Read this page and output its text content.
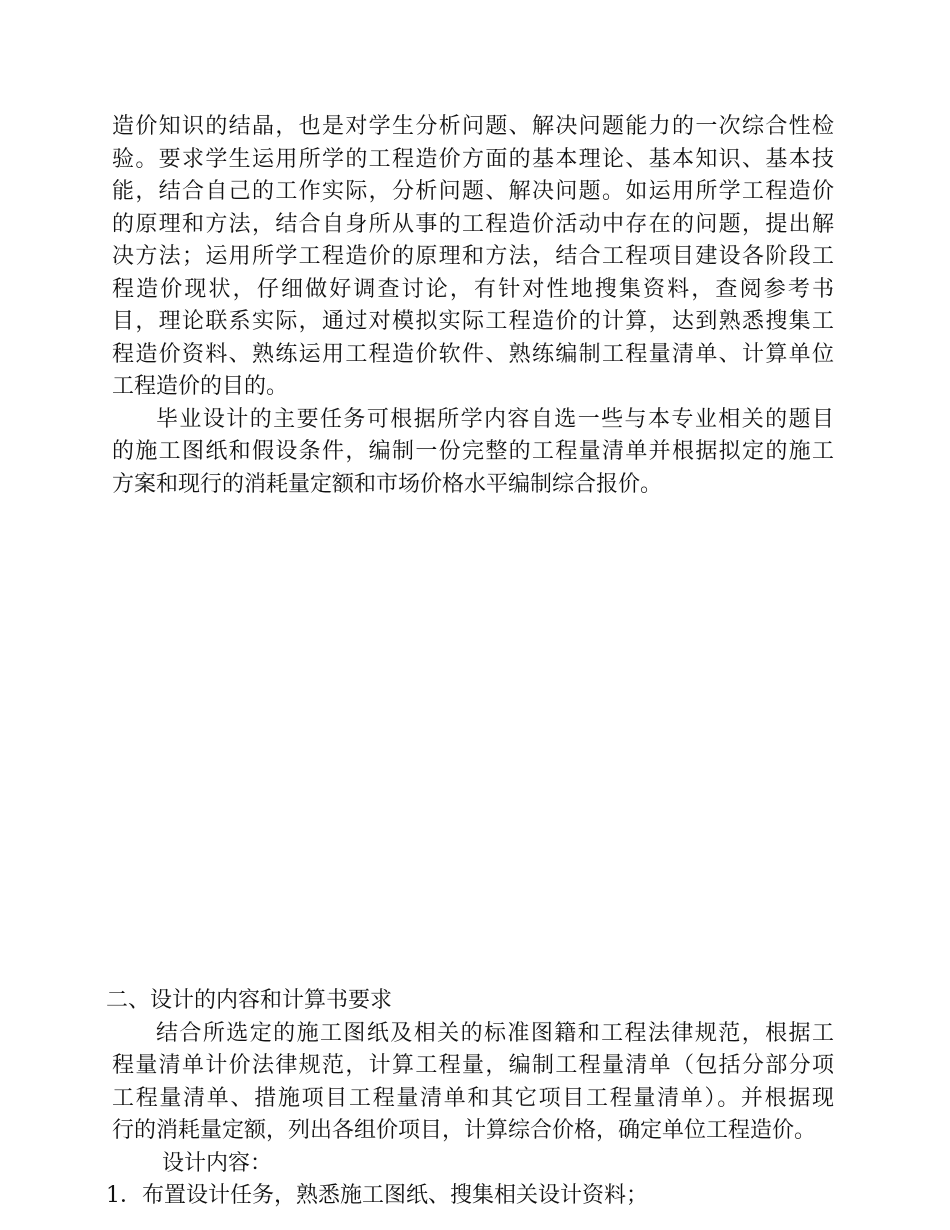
造价知识的结晶，也是对学生分析问题、解决问题能力的一次综合性检
验。要求学生运用所学的工程造价方面的基本理论、基本知识、基本技
能，结合自己的工作实际，分析问题、解决问题。如运用所学工程造价
的原理和方法，结合自身所从事的工程造价活动中存在的问题，提出解
决方法；运用所学工程造价的原理和方法，结合工程项目建设各阶段工
程造价现状，仔细做好调查讨论，有针对性地搜集资料，查阅参考书
目，理论联系实际，通过对模拟实际工程造价的计算，达到熟悉搜集工
程造价资料、熟练运用工程造价软件、熟练编制工程量清单、计算单位
工程造价的目的。
毕业设计的主要任务可根据所学内容自选一些与本专业相关的题目
的施工图纸和假设条件，编制一份完整的工程量清单并根据拟定的施工
方案和现行的消耗量定额和市场价格水平编制综合报价。
二、设计的内容和计算书要求
结合所选定的施工图纸及相关的标准图籍和工程法律规范，根据工
程量清单计价法律规范，计算工程量，编制工程量清单（包括分部分项
工程量清单、措施项目工程量清单和其它项目工程量清单）。并根据现
行的消耗量定额，列出各组价项目，计算综合价格，确定单位工程造价。
设计内容：
1．布置设计任务，熟悉施工图纸、搜集相关设计资料；
